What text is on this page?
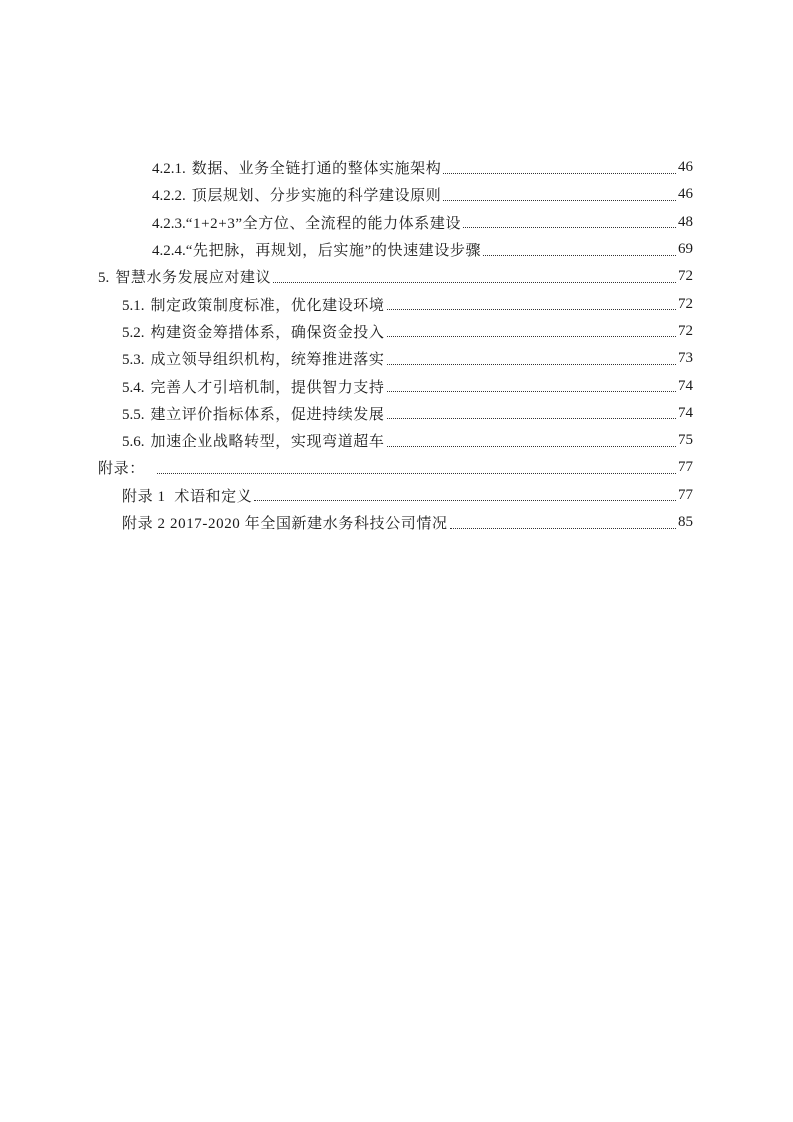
4.2.1. 数据、业务全链打通的整体实施架构	46
4.2.2. 顶层规划、分步实施的科学建设原则	46
4.2.3.“1+2+3”全方位、全流程的能力体系建设	48
4.2.4.“先把脉，再规划，后实施”的快速建设步骤	69
5. 智慧水务发展应对建议	72
5.1. 制定政策制度标准，优化建设环境	72
5.2. 构建资金筹措体系，确保资金投入	72
5.3. 成立领导组织机构，统筹推进落实	73
5.4. 完善人才引培机制，提供智力支持	74
5.5. 建立评价指标体系，促进持续发展	74
5.6. 加速企业战略转型，实现弯道超车	75
附录：	77
附录 1  术语和定义	77
附录 2 2017-2020 年全国新建水务科技公司情况	85
